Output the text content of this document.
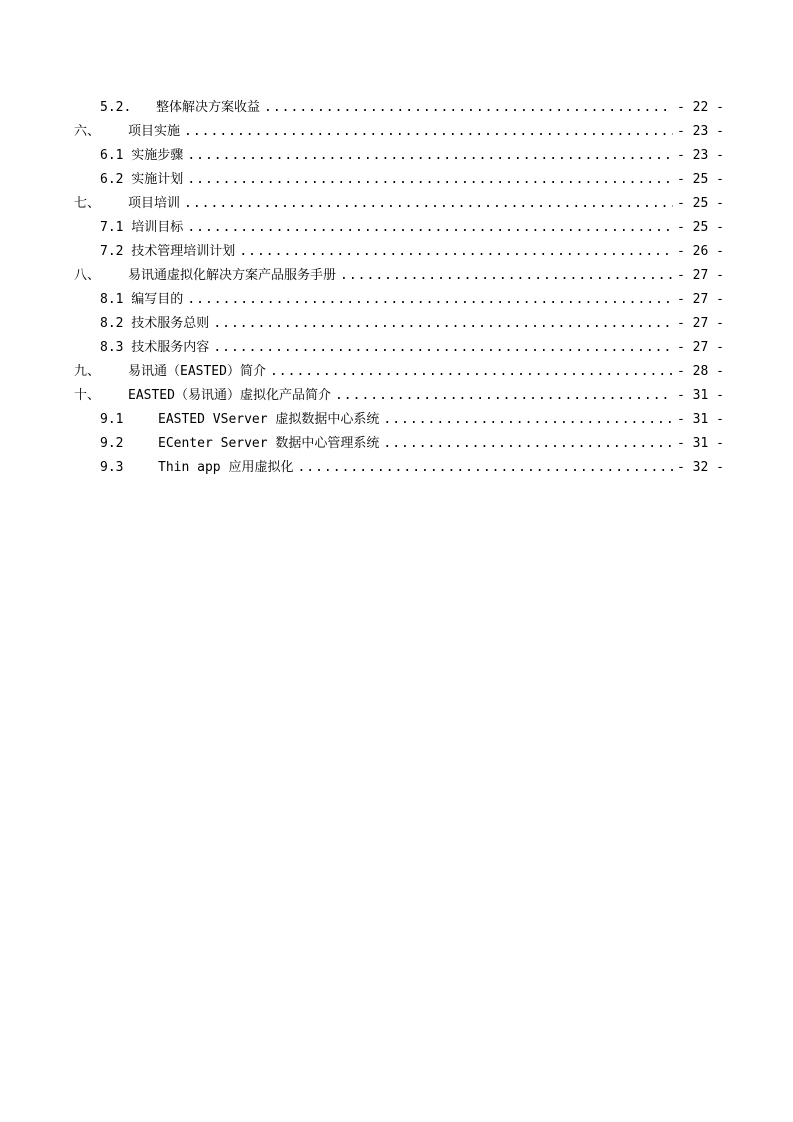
5.2.	整体解决方案收益 .....	- 22 -
六、	项目实施 .....	- 23 -
6.1 实施步骤 .....	- 23 -
6.2 实施计划 .....	- 25 -
七、	项目培训 .....	- 25 -
7.1 培训目标 .....	- 25 -
7.2 技术管理培训计划 .....	- 26 -
八、	易讯通虚拟化解决方案产品服务手册 .....	- 27 -
8.1 编写目的 .....	- 27 -
8.2 技术服务总则 .....	- 27 -
8.3 技术服务内容 .....	- 27 -
九、	易讯通（EASTED）简介 .....	- 28 -
十、	EASTED（易讯通）虚拟化产品简介 .....	- 31 -
9.1	EASTED VServer 虚拟数据中心系统 .....	- 31 -
9.2	ECenter Server 数据中心管理系统 .....	- 31 -
9.3	Thin app 应用虚拟化 .....	- 32 -
